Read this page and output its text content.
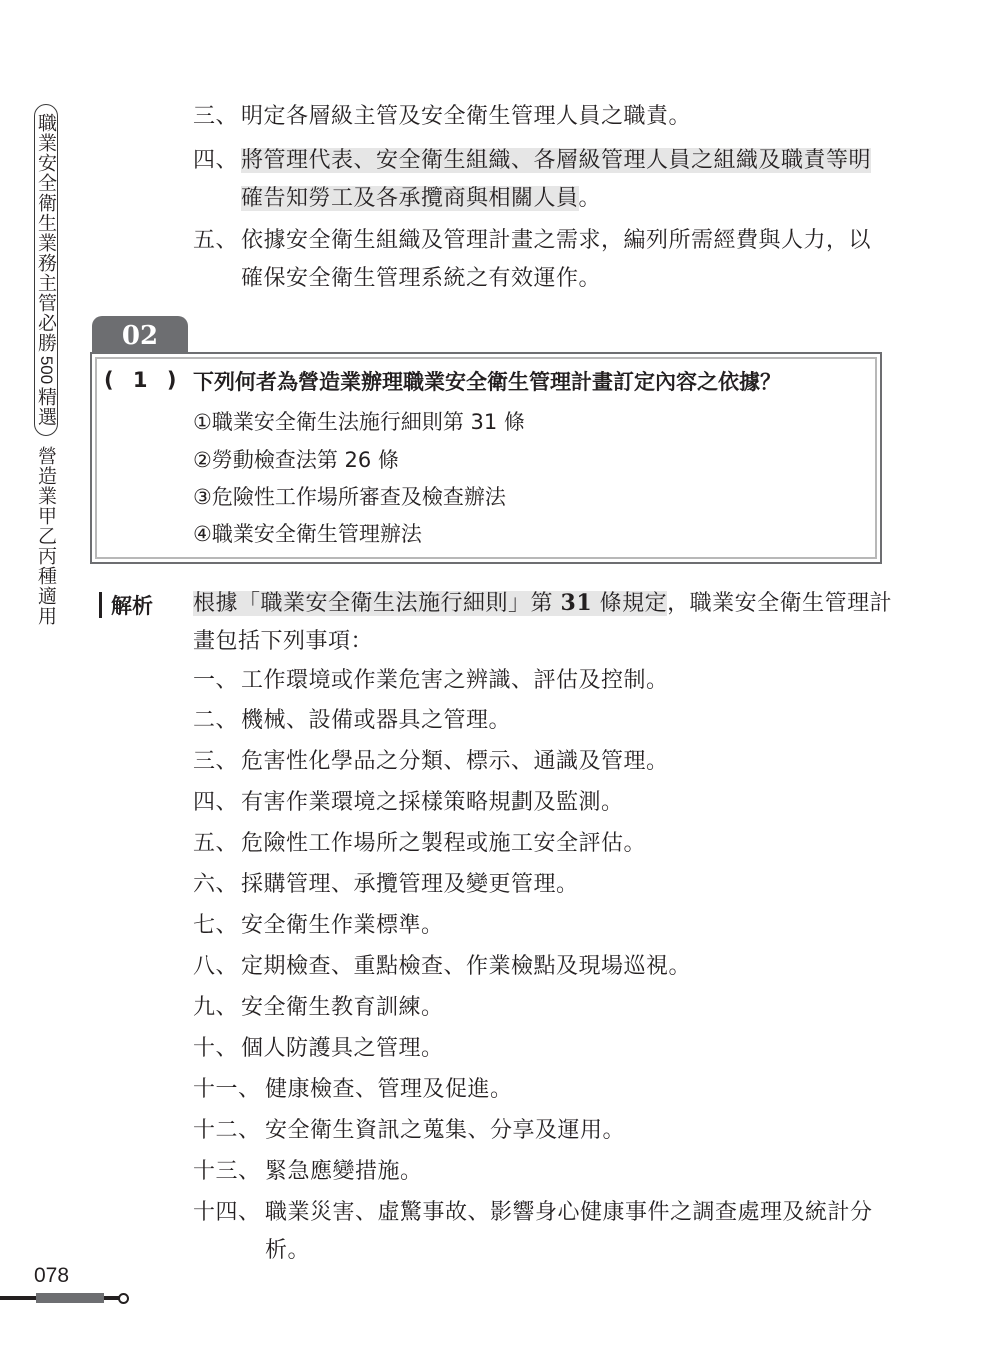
職業安全衛生業務主管必勝
500
精選
營造業甲乙丙種適用
三、 明定各層級主管及安全衛生管理人員之職責。
四、 將管理代表、安全衛生組織、各層級管理人員之組織及職責等明確告知勞工及各承攬商與相關人員。
五、 依據安全衛生組織及管理計畫之需求，編列所需經費與人力，以確保安全衛生管理系統之有效運作。
02
( 1 ) 下列何者為營造業辦理職業安全衛生管理計畫訂定內容之依據？
①職業安全衛生法施行細則第 31 條
②勞動檢查法第 26 條
③危險性工作場所審查及檢查辦法
④職業安全衛生管理辦法
解析 根據「職業安全衛生法施行細則」第 31 條規定，職業安全衛生管理計畫包括下列事項：
一、 工作環境或作業危害之辨識、評估及控制。
二、 機械、設備或器具之管理。
三、 危害性化學品之分類、標示、通識及管理。
四、 有害作業環境之採樣策略規劃及監測。
五、 危險性工作場所之製程或施工安全評估。
六、 採購管理、承攬管理及變更管理。
七、 安全衛生作業標準。
八、 定期檢查、重點檢查、作業檢點及現場巡視。
九、 安全衛生教育訓練。
十、 個人防護具之管理。
十一、 健康檢查、管理及促進。
十二、 安全衛生資訊之蒐集、分享及運用。
十三、 緊急應變措施。
十四、 職業災害、虛驚事故、影響身心健康事件之調查處理及統計分析。
078
